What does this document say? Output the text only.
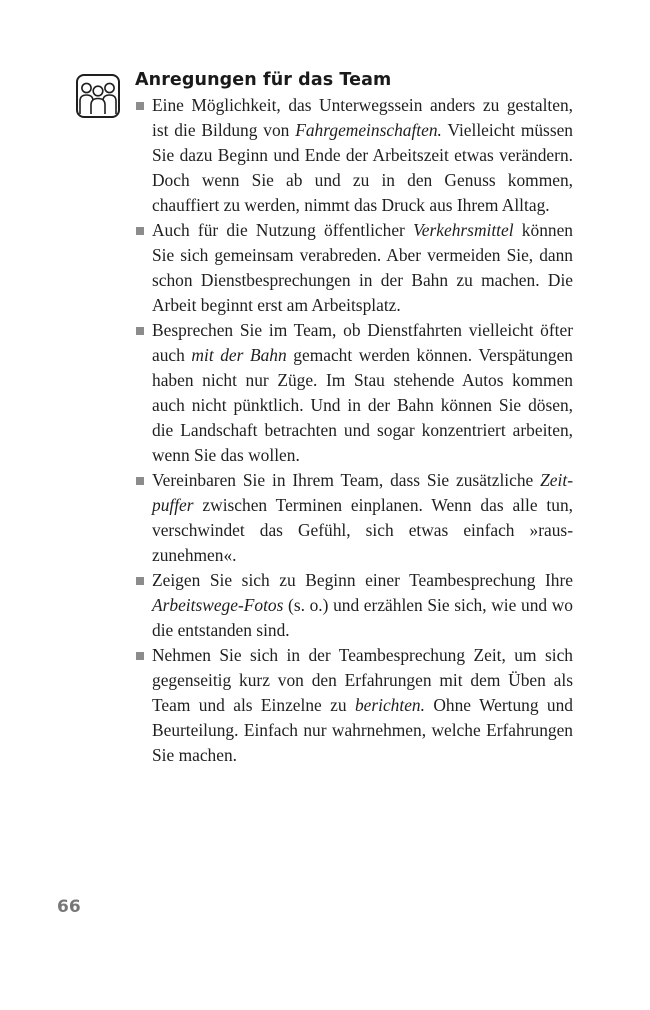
Anregungen für das Team
Eine Möglichkeit, das Unterwegssein anders zu gestalten, ist die Bildung von Fahrgemeinschaften. Vielleicht müssen Sie dazu Beginn und Ende der Arbeitszeit etwas verändern. Doch wenn Sie ab und zu in den Genuss kommen, chauffiert zu werden, nimmt das Druck aus Ihrem Alltag.
Auch für die Nutzung öffentlicher Verkehrsmittel können Sie sich gemeinsam verabreden. Aber vermeiden Sie, dann schon Dienstbesprechungen in der Bahn zu machen. Die Arbeit beginnt erst am Arbeitsplatz.
Besprechen Sie im Team, ob Dienstfahrten vielleicht öfter auch mit der Bahn gemacht werden können. Verspätungen haben nicht nur Züge. Im Stau stehende Autos kommen auch nicht pünktlich. Und in der Bahn können Sie dösen, die Landschaft betrachten und sogar konzentriert arbeiten, wenn Sie das wollen.
Vereinbaren Sie in Ihrem Team, dass Sie zusätzliche Zeitpuffer zwischen Terminen einplanen. Wenn das alle tun, verschwindet das Gefühl, sich etwas einfach »rauszunehmen«.
Zeigen Sie sich zu Beginn einer Teambesprechung Ihre Arbeitswege-Fotos (s. o.) und erzählen Sie sich, wie und wo die entstanden sind.
Nehmen Sie sich in der Teambesprechung Zeit, um sich gegenseitig kurz von den Erfahrungen mit dem Üben als Team und als Einzelne zu berichten. Ohne Wertung und Beurteilung. Einfach nur wahrnehmen, welche Erfahrungen Sie machen.
66
